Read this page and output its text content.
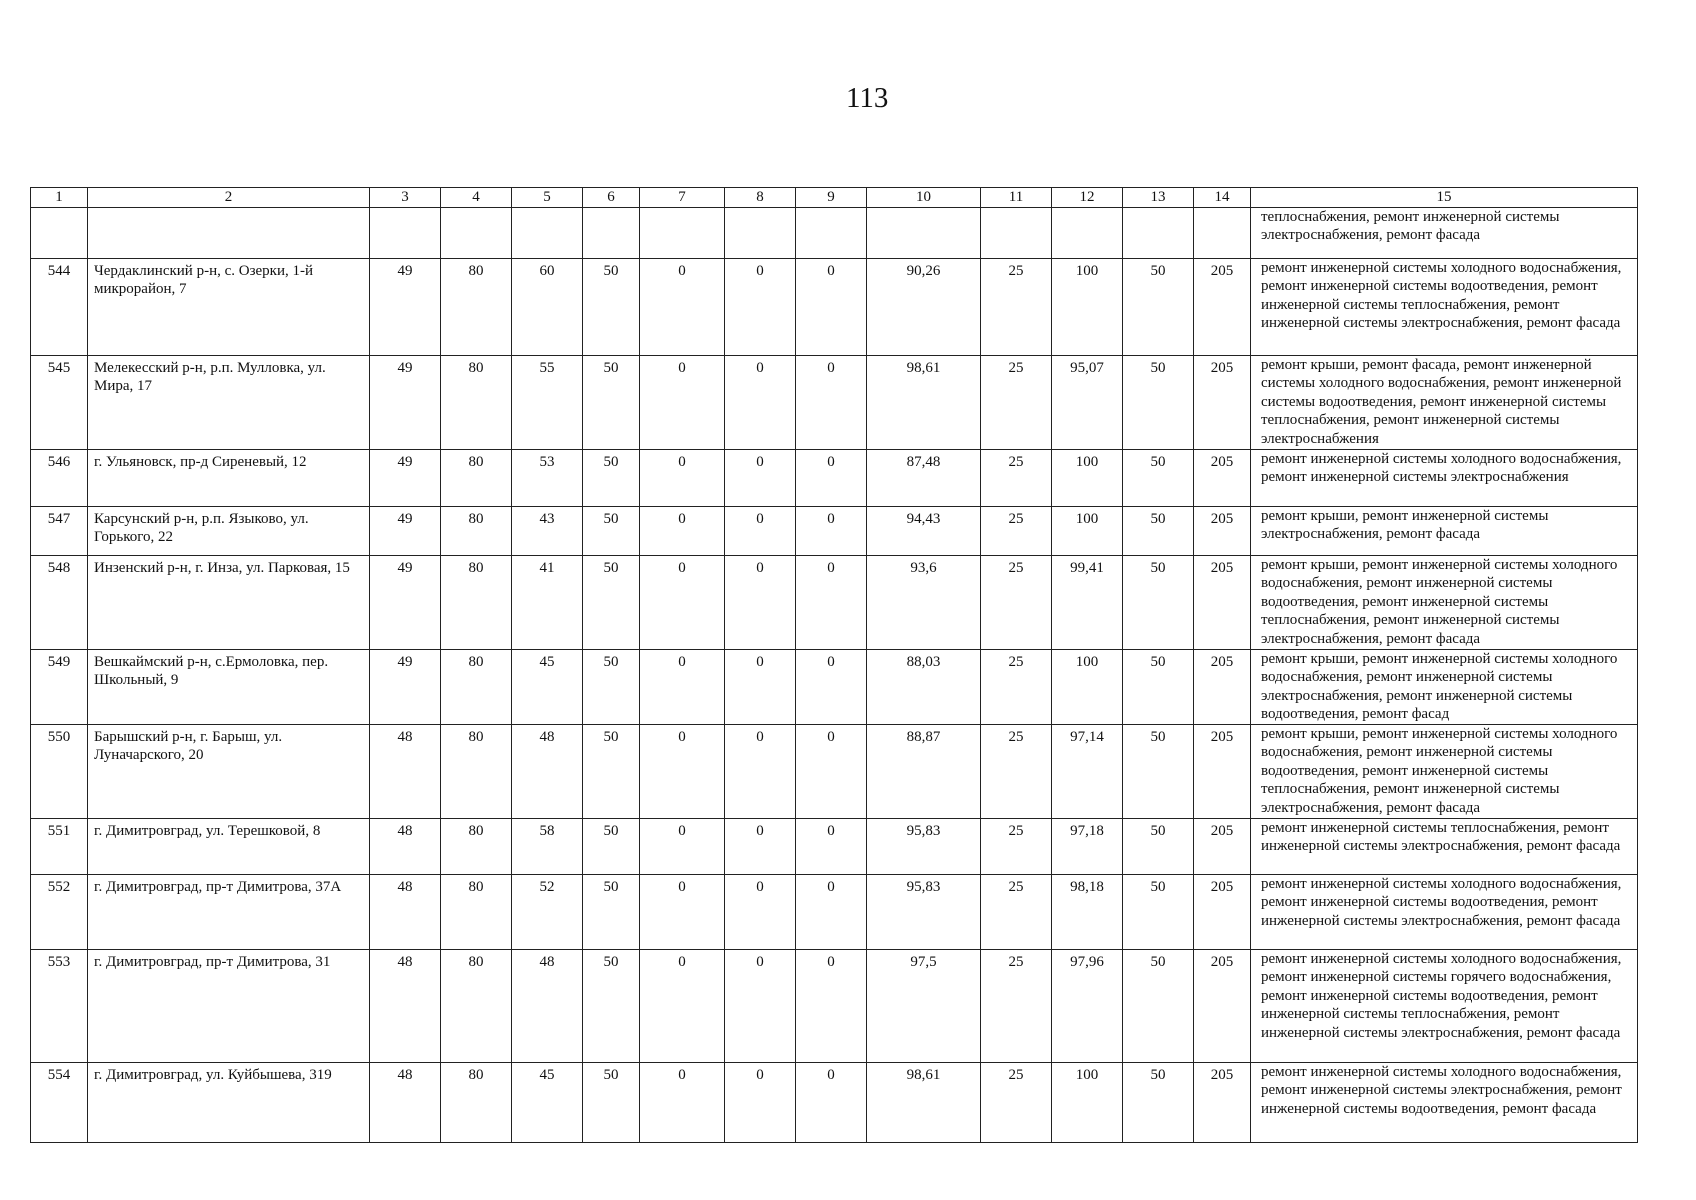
113
1	2	3	4	5	6	7	8	9	10	11	12	13	14	15
														теплоснабжения, ремонт инженерной системы электроснабжения, ремонт фасада
544	Чердаклинский р-н, с. Озерки, 1-й микрорайон, 7	49	80	60	50	0	0	0	90,26	25	100	50	205	ремонт инженерной системы холодного водоснабжения, ремонт инженерной системы водоотведения, ремонт инженерной системы теплоснабжения, ремонт инженерной системы электроснабжения, ремонт фасада
545	Мелекесский р-н, р.п. Мулловка, ул. Мира, 17	49	80	55	50	0	0	0	98,61	25	95,07	50	205	ремонт крыши, ремонт фасада, ремонт инженерной системы холодного водоснабжения, ремонт инженерной системы водоотведения, ремонт инженерной системы теплоснабжения, ремонт инженерной системы электроснабжения
546	г. Ульяновск, пр-д Сиреневый, 12	49	80	53	50	0	0	0	87,48	25	100	50	205	ремонт инженерной системы холодного водоснабжения, ремонт инженерной системы электроснабжения
547	Карсунский р-н, р.п. Языково, ул. Горького, 22	49	80	43	50	0	0	0	94,43	25	100	50	205	ремонт крыши, ремонт инженерной системы электроснабжения, ремонт фасада
548	Инзенский р-н, г. Инза, ул. Парковая, 15	49	80	41	50	0	0	0	93,6	25	99,41	50	205	ремонт крыши, ремонт инженерной системы холодного водоснабжения, ремонт инженерной системы водоотведения, ремонт инженерной системы теплоснабжения, ремонт инженерной системы электроснабжения, ремонт фасада
549	Вешкаймский р-н, с.Ермоловка, пер. Школьный, 9	49	80	45	50	0	0	0	88,03	25	100	50	205	ремонт крыши, ремонт инженерной системы холодного водоснабжения, ремонт инженерной системы электроснабжения, ремонт инженерной системы водоотведения, ремонт фасад
550	Барышский р-н, г. Барыш, ул. Луначарского, 20	48	80	48	50	0	0	0	88,87	25	97,14	50	205	ремонт крыши, ремонт инженерной системы холодного водоснабжения, ремонт инженерной системы водоотведения, ремонт инженерной системы теплоснабжения, ремонт инженерной системы электроснабжения, ремонт фасада
551	г. Димитровград, ул. Терешковой, 8	48	80	58	50	0	0	0	95,83	25	97,18	50	205	ремонт инженерной системы теплоснабжения, ремонт инженерной системы электроснабжения, ремонт фасада
552	г. Димитровград, пр-т Димитрова, 37А	48	80	52	50	0	0	0	95,83	25	98,18	50	205	ремонт инженерной системы холодного водоснабжения, ремонт инженерной системы водоотведения, ремонт инженерной системы электроснабжения, ремонт фасада
553	г. Димитровград, пр-т Димитрова, 31	48	80	48	50	0	0	0	97,5	25	97,96	50	205	ремонт инженерной системы холодного водоснабжения, ремонт инженерной системы горячего водоснабжения, ремонт инженерной системы водоотведения, ремонт инженерной системы теплоснабжения, ремонт инженерной системы электроснабжения, ремонт фасада
554	г. Димитровград, ул. Куйбышева, 319	48	80	45	50	0	0	0	98,61	25	100	50	205	ремонт инженерной системы холодного водоснабжения, ремонт инженерной системы электроснабжения, ремонт инженерной системы водоотведения, ремонт фасада
